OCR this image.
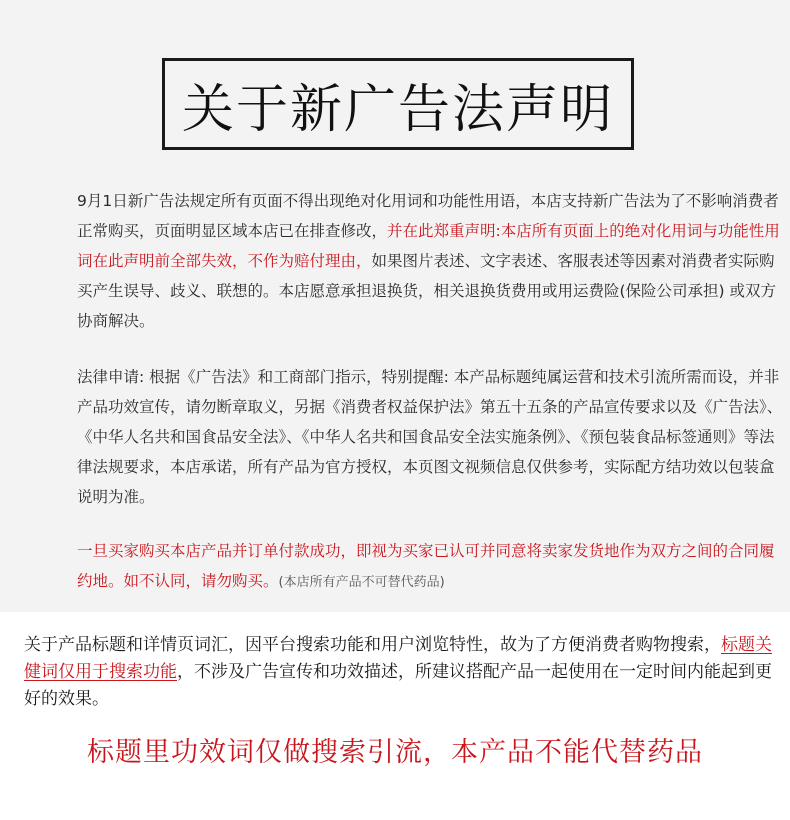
关于新广告法声明

9月1日新广告法规定所有页面不得出现绝对化用词和功能性用语，本店支持新广告法为了不影响消费者正常购买，页面明显区域本店已在排查修改，并在此郑重声明:本店所有页面上的绝对化用词与功能性用词在此声明前全部失效，不作为赔付理由，如果图片表述、文字表述、客服表述等因素对消费者实际购买产生误导、歧义、联想的。本店愿意承担退换货，相关退换货费用或用运费险(保险公司承担) 或双方协商解决。

法律申请: 根据《广告法》和工商部门指示，特别提醒: 本产品标题纯属运营和技术引流所需而设，并非产品功效宣传，请勿断章取义，另据《消费者权益保护法》第五十五条的产品宣传要求以及《广告法》、《中华人名共和国食品安全法》、《中华人名共和国食品安全法实施条例》、《预包装食品标签通则》等法律法规要求，本店承诺，所有产品为官方授权，本页图文视频信息仅供参考，实际配方结功效以包装盒说明为准。

一旦买家购买本店产品并订单付款成功，即视为买家已认可并同意将卖家发货地作为双方之间的合同履约地。如不认同，请勿购买。(本店所有产品不可替代药品)

关于产品标题和详情页词汇，因平台搜索功能和用户浏览特性，故为了方便消费者购物搜索，标题关健词仅用于搜索功能，不涉及广告宣传和功效描述，所建议搭配产品一起使用在一定时间内能起到更好的效果。

标题里功效词仅做搜索引流，本产品不能代替药品
